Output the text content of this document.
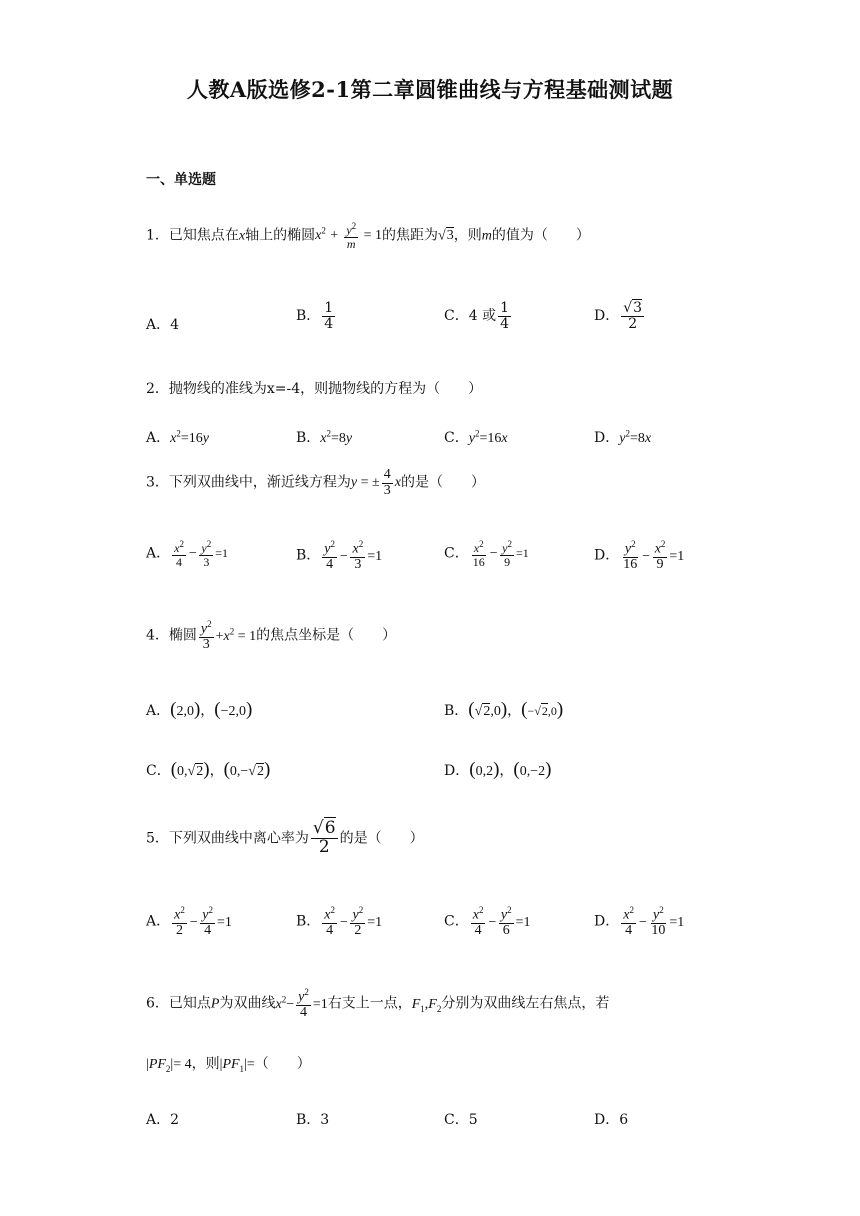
人教A版选修2-1第二章圆锥曲线与方程基础测试题
一、单选题
1．已知焦点在x轴上的椭圆$x^2 + \frac{y^2}{m} = 1$的焦距为√3，则m的值为（　　）
A．4
B． $\frac{1}{4}$	C．4 或 $\frac{1}{4}$	D． $\frac{√3}{2}$
2．抛物线的准线为x=-4，则抛物线的方程为（　　）
A．$x^2=16y$	B．$x^2=8y$	C．$y^2=16x$	D．$y^2=8x$
3．下列双曲线中，渐近线方程为y = ± $\frac{4}{3}$ x的是（　　）
A． $\frac{x^2}{4} - \frac{y^2}{3} =1$	B． $\frac{y^2}{4} - \frac{x^2}{3} =1$	C． $\frac{x^2}{16} - \frac{y^2}{9} =1$	D． $\frac{y^2}{16} - \frac{x^2}{9} =1$
4．椭圆 $\frac{y^2}{3} +x^2 = 1$的焦点坐标是（　　）
A．(2,0)，(−2,0)	B．(√2,0)，(−√2,0)
C．(0,√2)，(0,−√2)	D．(0,2)，(0,−2)
5．下列双曲线中离心率为 $\frac{√6}{2}$ 的是（　　）
A． $\frac{x^2}{2} - \frac{y^2}{4} =1$	B． $\frac{x^2}{4} - \frac{y^2}{2} =1$	C． $\frac{x^2}{4} - \frac{y^2}{6} =1$	D． $\frac{x^2}{4} - \frac{y^2}{10} =1$
6．已知点P为双曲线$x^2- \frac{y^2}{4} =1$右支上一点，$F_1,F_2$分别为双曲线左右焦点，若
$|PF_2|= 4$，则$|PF_1|=$（　　）
A．2	B．3	C．5	D．6
